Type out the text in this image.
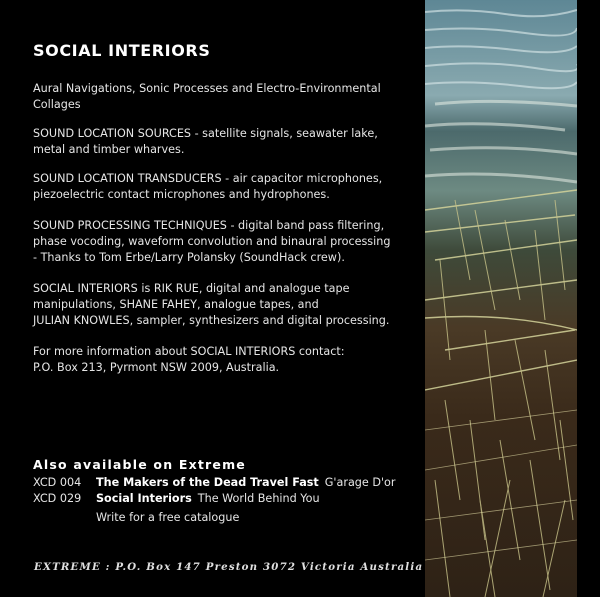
SOCIAL INTERIORS
Aural Navigations, Sonic Processes and Electro-Environmental
Collages
SOUND LOCATION SOURCES - satellite signals, seawater lake,
metal and timber wharves.
SOUND LOCATION TRANSDUCERS - air capacitor microphones,
piezoelectric contact microphones and hydrophones.
SOUND PROCESSING TECHNIQUES - digital band pass filtering,
phase vocoding, waveform convolution and binaural processing
- Thanks to Tom Erbe/Larry Polansky (SoundHack crew).
SOCIAL INTERIORS is RIK RUE, digital and analogue tape
manipulations, SHANE FAHEY, analogue tapes, and
JULIAN KNOWLES, sampler, synthesizers and digital processing.
For more information about SOCIAL INTERIORS contact:
P.O. Box 213, Pyrmont NSW 2009, Australia.
Also available on Extreme
XCD 004 The Makers of the Dead Travel Fast G'arage D'or
XCD 029 Social Interiors The World Behind You
Write for a free catalogue
EXTREME : P.O. Box 147 Preston 3072 Victoria Australia
